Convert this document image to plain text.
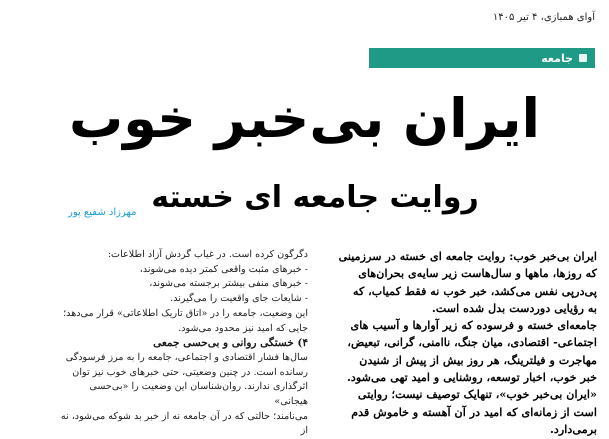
آوای همبازی، ۴ تیر ۱۴۰۵
جامعه
ایران بی‌خبر خوب
روایت جامعه ای خسته
مهرزاد شفیع پور

ایران بی‌خبر خوب: روایت جامعه ای خسته در سرزمینی

که روزها، ماهها و سال‌هاست زیر سایه‌ی بحران‌های

پی‌درپی نفس می‌کشد، خبر خوب نه فقط کمیاب، که

به رؤیایی دوردست بدل شده است.

جامعه‌ای خسته و فرسوده که زیر آوارها و آسیب های

اجتماعی- اقتصادی، میان جنگ، ناامنی، گرانی، تبعیض،

مهاجرت و فیلترینگ، هر روز بیش از پیش از شنیدن

خبر خوب، اخبار توسعه، روشنایی و امید تهی می‌شود.

«ایران بی‌خبر خوب»، تنهایک توصیف نیست؛ روایتی

است از زمانه‌ای که امید در آن آهسته و خاموش قدم

برمی‌دارد.

دگرگون کرده است. در غیاب گردش آزاد اطلاعات:

- خبرهای مثبت واقعی کمتر دیده می‌شوند،

- خبرهای منفی بیشتر برجسته می‌شوند،

- شایعات جای واقعیت را می‌گیرند.

این وضعیت، جامعه را در «اتاق تاریک اطلاعاتی» قرار می‌دهد؛

جایی که امید نیز محدود می‌شود.

۴) خستگی روانی و بی‌حسی جمعی

سال‌ها فشار اقتصادی و اجتماعی، جامعه را به مرز فرسودگی

رسانده است. در چنین وضعیتی، حتی خبرهای خوب نیز توان

اثرگذاری ندارند. روان‌شناسان این وضعیت را «بی‌حسی هیجانی»

می‌نامند؛ حالتی که در آن جامعه نه از خبر بد شوکه می‌شود، نه از
